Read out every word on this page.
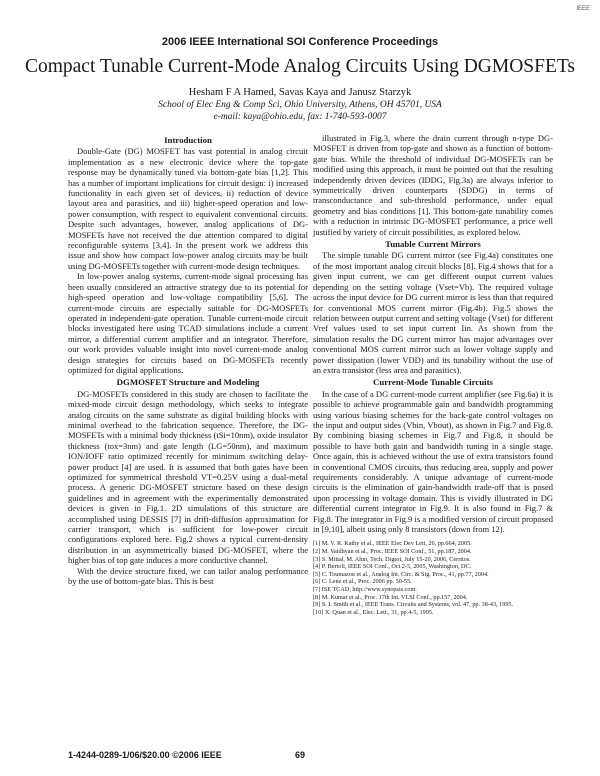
IEEE
2006 IEEE International SOI Conference Proceedings
Compact Tunable Current-Mode Analog Circuits Using DGMOSFETs
Hesham F A Hamed, Savas Kaya and Janusz Starzyk
School of Elec Eng & Comp Sci, Ohio University, Athens, OH 45701, USA
e-mail: kaya@ohio.edu, fax: 1-740-593-0007
Introduction

Double-Gate (DG) MOSFET has vast potential in analog circuit implementation as a new electronic device where the top-gate response may be dynamically tuned via bottom-gate bias [1,2]. This has a number of important implications for circuit design: i) increased functionality in each given set of devices, ii) reduction of device layout area and parasitics, and iii) higher-speed operation and low-power consumption, with respect to equivalent conventional circuits. Despite such advantages, however, analog applications of DG-MOSFETs have not received the due attention compared to digital reconfigurable systems [3,4]. In the present work we address this issue and show how compact low-power analog circuits may be built using DG-MOSFETs together with current-mode design techniques.

In low-power analog systems, current-mode signal processing has been usually considered an attractive strategy due to its potential for high-speed operation and low-voltage compatibility [5,6]. The current-mode circuits are especially suitable for DG-MOSFETs operated in independent-gate operation. Tunable current-mode circuit blocks investigated here using TCAD simulations include a current mirror, a differential current amplifier and an integrator. Therefore, our work provides valuable insight into novel current-mode analog design strategies for circuits based on DG-MOSFETs recently optimized for digital applications.

DGMOSFET Structure and Modeling

DG-MOSFETs considered in this study are chosen to facilitate the mixed-mode circuit design methodology, which seeks to integrate analog circuits on the same substrate as digital building blocks with minimal overhead to the fabrication sequence. Therefore, the DG-MOSFETs with a minimal body thickness (tSi=10nm), oxide insulator thickness (tox=3nm) and gate length (LG=50nm), and maximum ION/IOFF ratio optimized recently for minimum switching delay-power product [4] are used. It is assumed that both gates have been optimized for symmetrical threshold VT=0.25V using a dual-metal process. A generic DG-MOSFET structure based on these design guidelines and in agreement with the experimentally demonstrated devices is given in Fig.1. 2D simulations of this structure are accomplished using DESSIS [7] in drift-diffusion approximation for carrier transport, which is sufficient for low-power circuit configurations explored here. Fig.2 shows a typical current-density distribution in an asymmetrically biased DG-MOSFET, where the higher bias of top gate induces a more conductive channel.

With the device structure fixed, we can tailor analog performance by the use of bottom-gate bias. This is best

illustrated in Fig.3, where the drain current through n-type DG-MOSFET is driven from top-gate and shown as a function of bottom-gate bias. While the threshold of individual DG-MOSFETs can be modified using this approach, it must be pointed out that the resulting independently driven devices (IDDG, Fig.3a) are always inferior to symmetrically driven counterparts (SDDG) in terms of transconductance and sub-threshold performance, under equal geometry and bias conditions [1]. This bottom-gate tunability comes with a reduction in intrinsic DG-MOSFET performance, a price well justified by variety of circuit possibilities, as explored below.

Tunable Current Mirrors

The simple tunable DG current mirror (see Fig.4a) constitutes one of the most important analog circuit blocks [8]. Fig.4 shows that for a given input current, we can get different output current values depending on the setting voltage (Vset=Vb). The required voltage across the input device for DG current mirror is less than that required for conventional MOS current mirror (Fig.4b). Fig.5 shows the relation between output current and setting voltage (Vset) for different Vref values used to set input current Iin. As shown from the simulation results the DG current mirror has major advantages over conventional MOS current mirror such as lower voltage supply and power dissipation (lower VDD) and its tunability without the use of an extra transistor (less area and parasitics).

Current-Mode Tunable Circuits

In the case of a DG current-mode current amplifier (see Fig.6a) it is possible to achieve programmable gain and bandwidth programming using various biasing schemes for the back-gate control voltages on the input and output sides (Vbin, Vbout), as shown in Fig.7 and Fig.8. By combining biasing schemes in Fig.7 and Fig.8, it should be possible to have both gain and bandwidth tuning in a single stage. Once again, this is achieved without the use of extra transistors found in conventional CMOS circuits, thus reducing area, supply and power requirements considerably. A unique advantage of current-mode circuits is the elimination of gain-bandwidth trade-off that is posed upon processing in voltage domain. This is vividly illustrated in DG differential current integrator in Fig.9. It is also found in Fig.7 & Fig.8. The integrator in Fig.9 is a modified version of circuit proposed in [9,10], albeit using only 8 transistors (down from 12).

[1] M. V. R. Kathy et al., IEEE Elec Dev Lett, 26, pp.664, 2005.
[2] M. Vaidhyan et al., Proc. IEEE SOI Conf., 51, pp.187, 2004.
[3] S. Mittal, M. Ahm, Tech. Digest, July 15-20, 2006, Cerritos.
[4] P. Bertoli, IEEE SOI Conf., Oct 2-5, 2005, Washington, DC.
[5] C. Toumazou et al., Analog Int. Circ. & Sig. Proc., 41, pp.77, 2004.
[6] C. Lenz et al., Proc. 2006 pp. 50-55.
[7] ISE TCAD, http://www.synopsis.com.
[8] M. Kumar et al., Proc. 17th Int. VLSI Conf., pp.157, 2004.
[9] S. I. Smith et al., IEEE Trans. Circuits and Systems, vol. 47, pp. 38-43, 1995.
[10] X. Quan et al., Elec. Lett., 31, pp.4-5, 1995.
1-4244-0289-1/06/$20.00 ©2006 IEEE	69
